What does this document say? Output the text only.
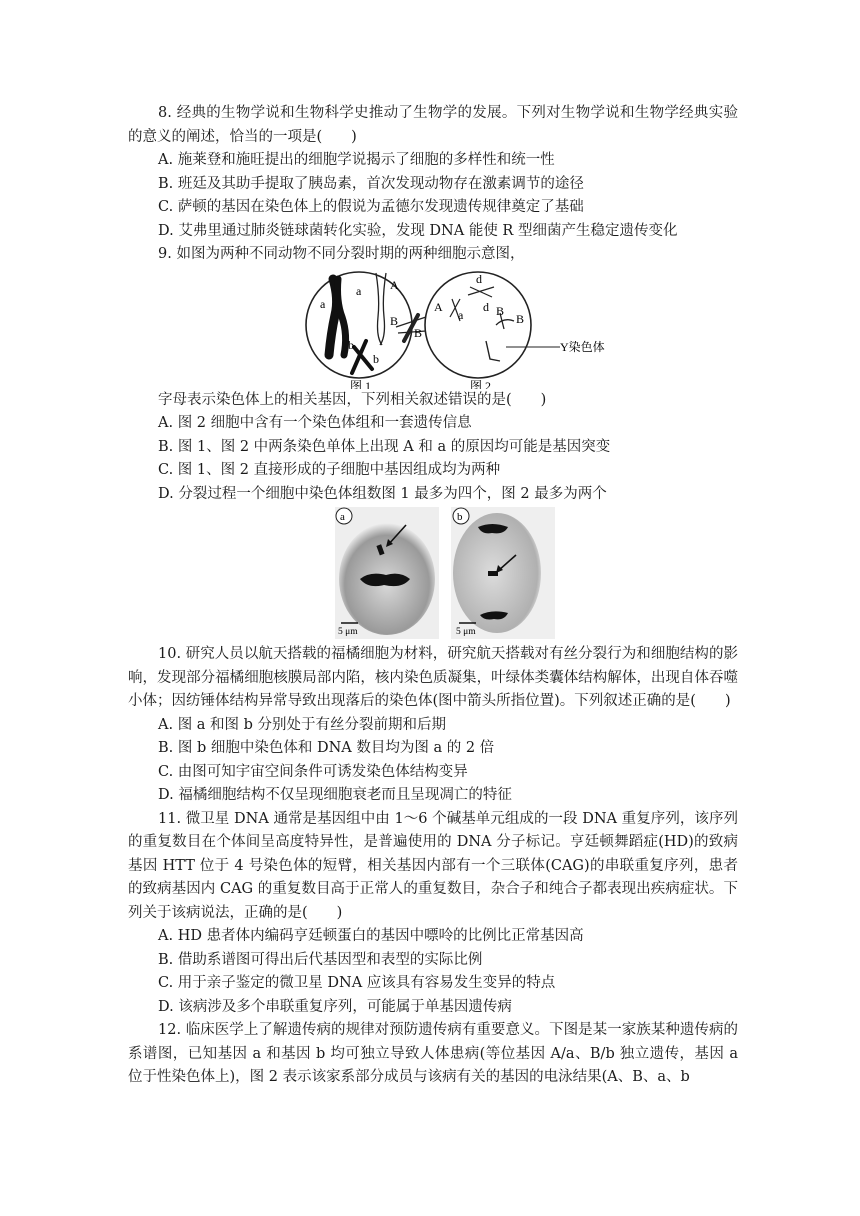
8. 经典的生物学说和生物科学史推动了生物学的发展。下列对生物学说和生物学经典实验的意义的阐述，恰当的一项是(　　)

A. 施莱登和施旺提出的细胞学说揭示了细胞的多样性和统一性

B. 班廷及其助手提取了胰岛素，首次发现动物存在激素调节的途径

C. 萨顿的基因在染色体上的假说为孟德尔发现遗传规律奠定了基础

D. 艾弗里通过肺炎链球菌转化实验，发现 DNA 能使 R 型细菌产生稳定遗传变化

9. 如图为两种不同动物不同分裂时期的两种细胞示意图，

a
a A
B
b
B
b
图 1
d
A
a
d B
B
Y染色体
图 2

字母表示染色体上的相关基因，下列相关叙述错误的是(　　)

A. 图 2 细胞中含有一个染色体组和一套遗传信息

B. 图 1、图 2 中两条染色单体上出现 A 和 a 的原因均可能是基因突变

C. 图 1、图 2 直接形成的子细胞中基因组成均为两种

D. 分裂过程一个细胞中染色体组数图 1 最多为四个，图 2 最多为两个

a
5 μm
b
5 μm

10. 研究人员以航天搭载的福橘细胞为材料，研究航天搭载对有丝分裂行为和细胞结构的影响，发现部分福橘细胞核膜局部内陷，核内染色质凝集，叶绿体类囊体结构解体，出现自体吞噬小体；因纺锤体结构异常导致出现落后的染色体(图中箭头所指位置)。下列叙述正确的是(　　)

A. 图 a 和图 b 分别处于有丝分裂前期和后期

B. 图 b 细胞中染色体和 DNA 数目均为图 a 的 2 倍

C. 由图可知宇宙空间条件可诱发染色体结构变异

D. 福橘细胞结构不仅呈现细胞衰老而且呈现凋亡的特征

11. 微卫星 DNA 通常是基因组中由 1～6 个碱基单元组成的一段 DNA 重复序列，该序列的重复数目在个体间呈高度特异性，是普遍使用的 DNA 分子标记。亨廷顿舞蹈症(HD)的致病基因 HTT 位于 4 号染色体的短臂，相关基因内部有一个三联体(CAG)的串联重复序列，患者的致病基因内 CAG 的重复数目高于正常人的重复数目，杂合子和纯合子都表现出疾病症状。下列关于该病说法，正确的是(　　)

A. HD 患者体内编码亨廷顿蛋白的基因中嘌呤的比例比正常基因高

B. 借助系谱图可得出后代基因型和表型的实际比例

C. 用于亲子鉴定的微卫星 DNA 应该具有容易发生变异的特点

D. 该病涉及多个串联重复序列，可能属于单基因遗传病

12. 临床医学上了解遗传病的规律对预防遗传病有重要意义。下图是某一家族某种遗传病的系谱图，已知基因 a 和基因 b 均可独立导致人体患病(等位基因 A/a、B/b 独立遗传，基因 a 位于性染色体上)，图 2 表示该家系部分成员与该病有关的基因的电泳结果(A、B、a、b
